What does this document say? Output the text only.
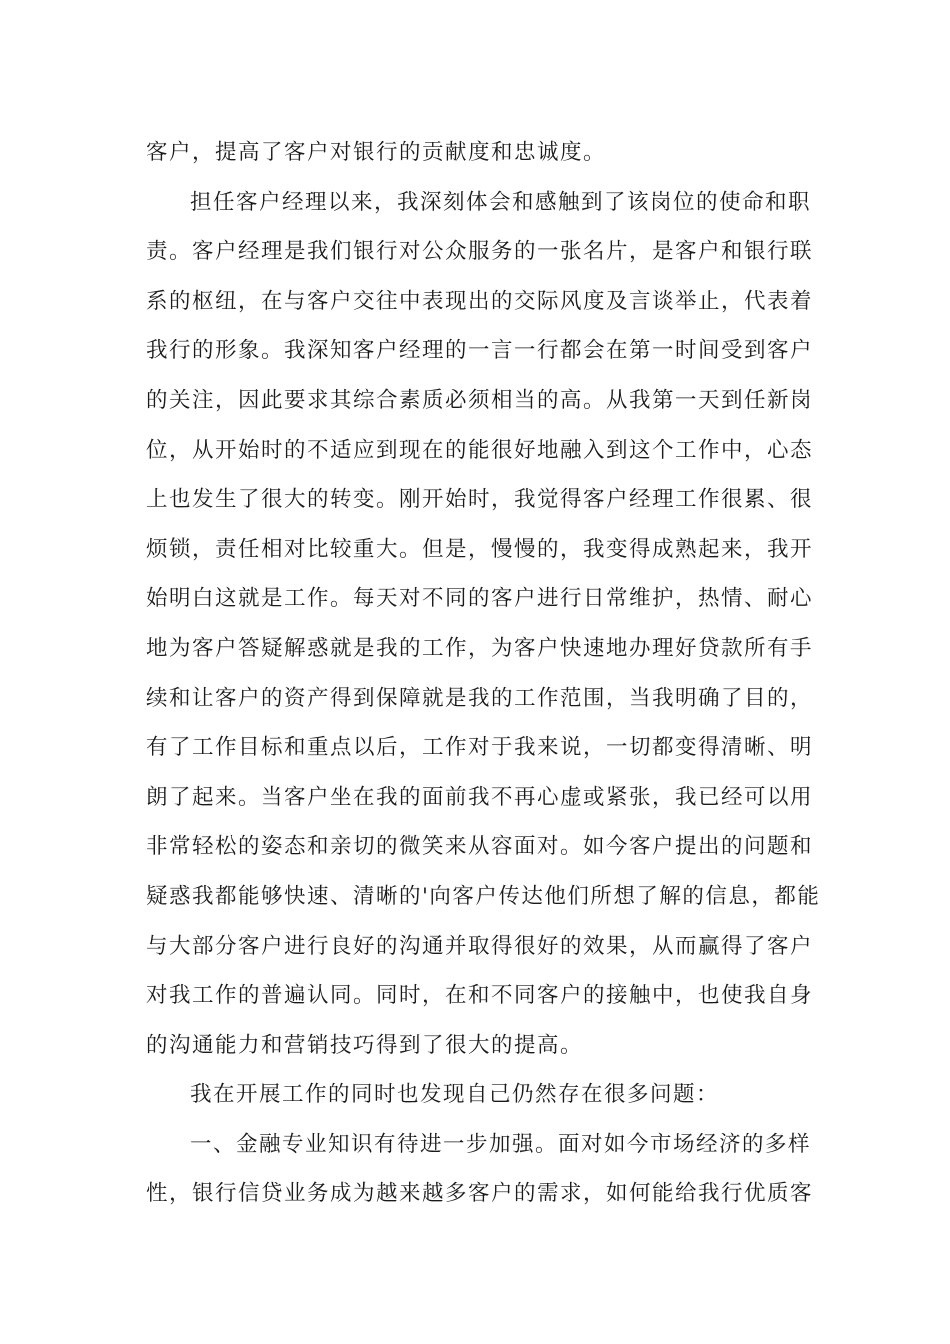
客户，提高了客户对银行的贡献度和忠诚度。
担任客户经理以来，我深刻体会和感触到了该岗位的使命和职
责。客户经理是我们银行对公众服务的一张名片，是客户和银行联
系的枢纽，在与客户交往中表现出的交际风度及言谈举止，代表着
我行的形象。我深知客户经理的一言一行都会在第一时间受到客户
的关注，因此要求其综合素质必须相当的高。从我第一天到任新岗
位，从开始时的不适应到现在的能很好地融入到这个工作中，心态
上也发生了很大的转变。刚开始时，我觉得客户经理工作很累、很
烦锁，责任相对比较重大。但是，慢慢的，我变得成熟起来，我开
始明白这就是工作。每天对不同的客户进行日常维护，热情、耐心
地为客户答疑解惑就是我的工作，为客户快速地办理好贷款所有手
续和让客户的资产得到保障就是我的工作范围，当我明确了目的，
有了工作目标和重点以后，工作对于我来说，一切都变得清晰、明
朗了起来。当客户坐在我的面前我不再心虚或紧张，我已经可以用
非常轻松的姿态和亲切的微笑来从容面对。如今客户提出的问题和
疑惑我都能够快速、清晰的'向客户传达他们所想了解的信息，都能
与大部分客户进行良好的沟通并取得很好的效果，从而赢得了客户
对我工作的普遍认同。同时，在和不同客户的接触中，也使我自身
的沟通能力和营销技巧得到了很大的提高。
我在开展工作的同时也发现自己仍然存在很多问题：
一、金融专业知识有待进一步加强。面对如今市场经济的多样
性，银行信贷业务成为越来越多客户的需求，如何能给我行优质客
